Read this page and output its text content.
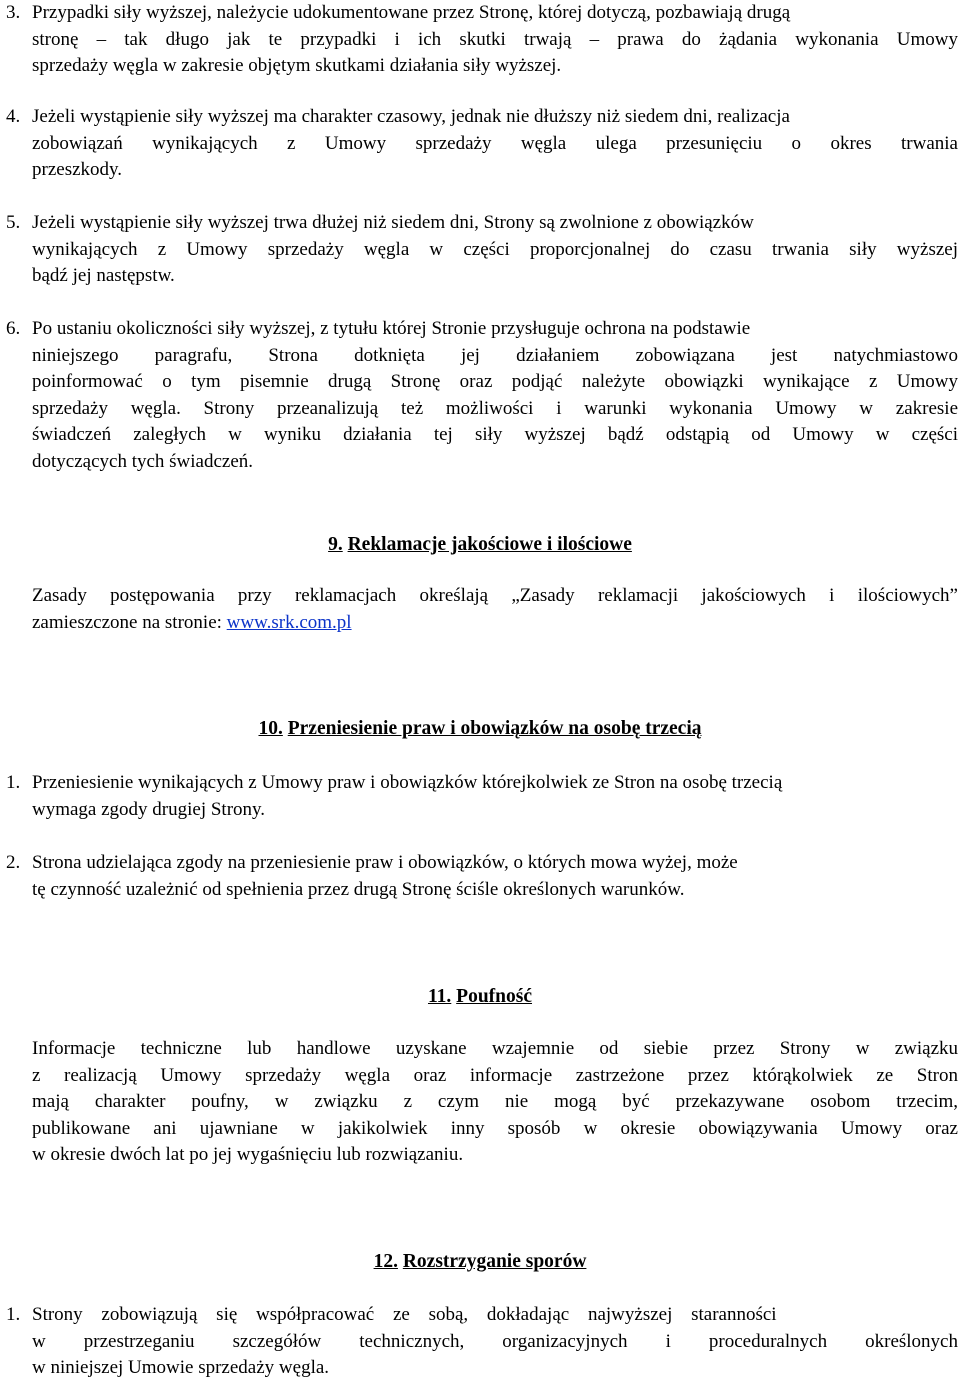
3. Przypadki siły wyższej, należycie udokumentowane przez Stronę, której dotyczą, pozbawiają drugą
stronę – tak długo jak te przypadki i ich skutki trwają – prawa do żądania wykonania Umowy
sprzedaży węgla w zakresie objętym skutkami działania siły wyższej.
4. Jeżeli wystąpienie siły wyższej ma charakter czasowy, jednak nie dłuższy niż siedem dni, realizacja
zobowiązań wynikających z Umowy sprzedaży węgla ulega przesunięciu o okres trwania
przeszkody.
5. Jeżeli wystąpienie siły wyższej trwa dłużej niż siedem dni, Strony są zwolnione z obowiązków
wynikających z Umowy sprzedaży węgla w części proporcjonalnej do czasu trwania siły wyższej
bądź jej następstw.
6. Po ustaniu okoliczności siły wyższej, z tytułu której Stronie przysługuje ochrona na podstawie
niniejszego paragrafu, Strona dotknięta jej działaniem zobowiązana jest natychmiastowo
poinformować o tym pisemnie drugą Stronę oraz podjąć należyte obowiązki wynikające z Umowy
sprzedaży węgla. Strony przeanalizują też możliwości i warunki wykonania Umowy w zakresie
świadczeń zaległych w wyniku działania tej siły wyższej bądź odstąpią od Umowy w części
dotyczących tych świadczeń.
9. Reklamacje jakościowe i ilościowe
Zasady postępowania przy reklamacjach określają „Zasady reklamacji jakościowych i ilościowych”
zamieszczone na stronie: www.srk.com.pl
10. Przeniesienie praw i obowiązków na osobę trzecią
1. Przeniesienie wynikających z Umowy praw i obowiązków którejkolwiek ze Stron na osobę trzecią
wymaga zgody drugiej Strony.
2. Strona udzielająca zgody na przeniesienie praw i obowiązków, o których mowa wyżej, może
tę czynność uzależnić od spełnienia przez drugą Stronę ściśle określonych warunków.
11. Poufność
Informacje techniczne lub handlowe uzyskane wzajemnie od siebie przez Strony w związku
z realizacją Umowy sprzedaży węgla oraz informacje zastrzeżone przez którąkolwiek ze Stron
mają charakter poufny, w związku z czym nie mogą być przekazywane osobom trzecim,
publikowane ani ujawniane w jakikolwiek inny sposób w okresie obowiązywania Umowy oraz
w okresie dwóch lat po jej wygaśnięciu lub rozwiązaniu.
12. Rozstrzyganie sporów
1. Strony zobowiązują się współpracować ze sobą, dokładając najwyższej staranności
w przestrzeganiu szczegółów technicznych, organizacyjnych i proceduralnych określonych
w niniejszej Umowie sprzedaży węgla.
